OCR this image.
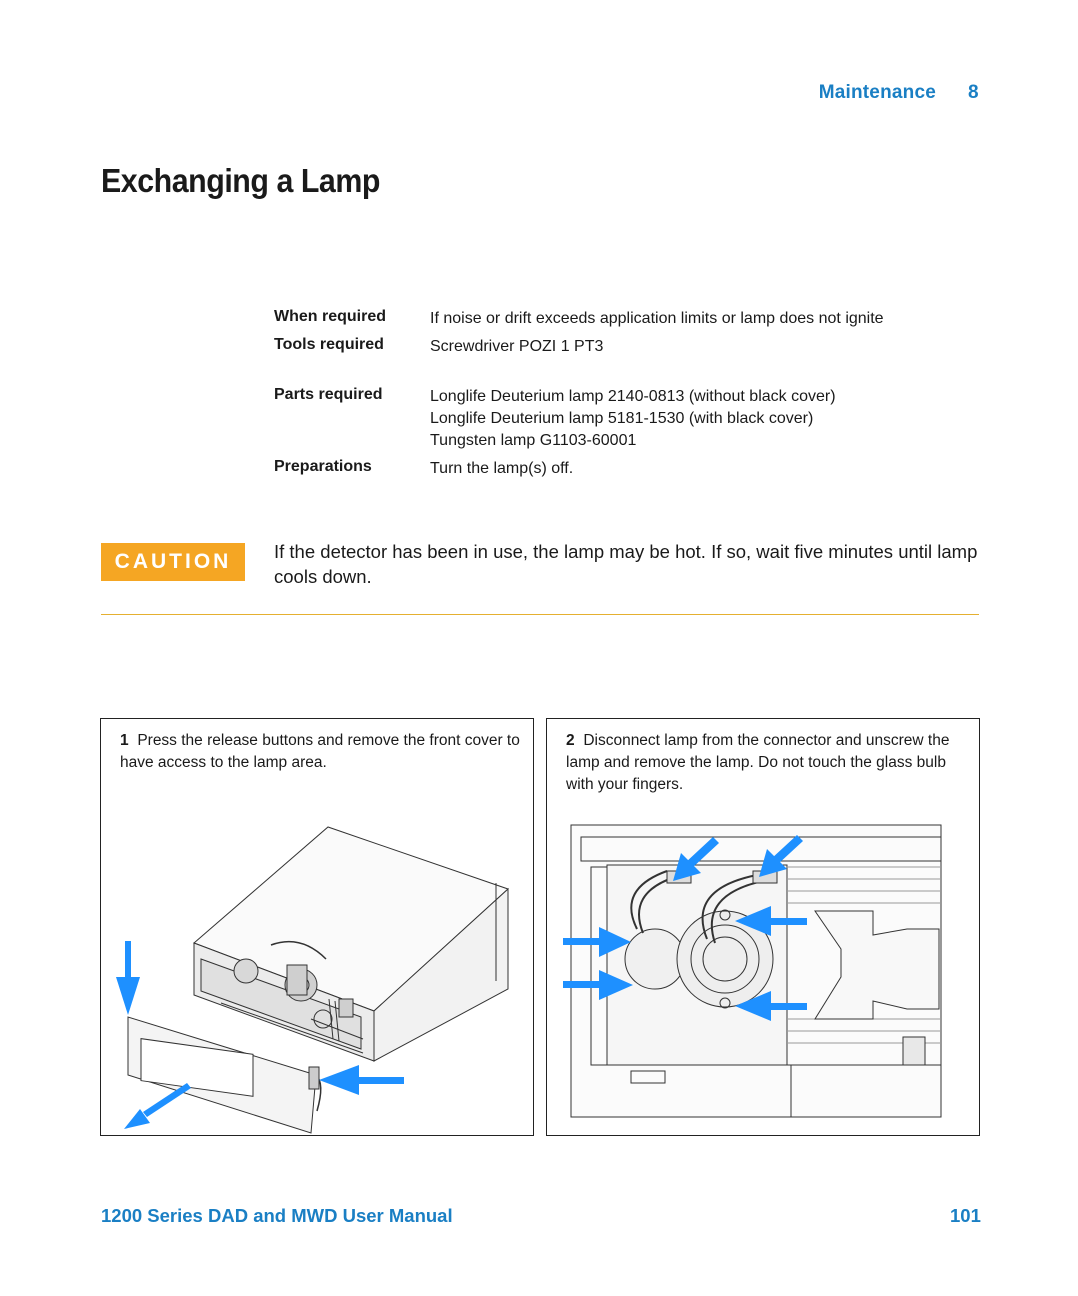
Maintenance 8
Exchanging a Lamp
When required	If noise or drift exceeds application limits or lamp does not ignite
Tools required	Screwdriver POZI 1 PT3
Parts required	Longlife Deuterium lamp 2140-0813 (without black cover)
Longlife Deuterium lamp 5181-1530 (with black cover)
Tungsten lamp G1103-60001
Preparations	Turn the lamp(s) off.
CAUTION	If the detector has been in use, the lamp may be hot. If so, wait five minutes until lamp cools down.
1 Press the release buttons and remove the front cover to have access to the lamp area.
2 Disconnect lamp from the connector and unscrew the lamp and remove the lamp. Do not touch the glass bulb with your fingers.
1200 Series DAD and MWD User Manual	101
